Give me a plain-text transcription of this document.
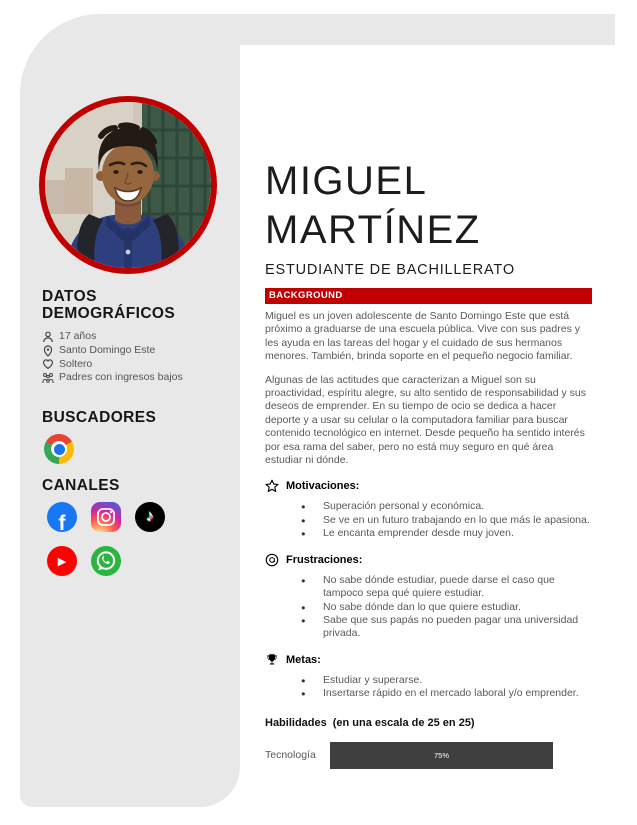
DATOS DEMOGRÁFICOS
17 años
Santo Domingo Este
Soltero
Padres con ingresos bajos
BUSCADORES
CANALES
f	♪
▶
MIGUEL
MARTÍNEZ
ESTUDIANTE DE BACHILLERATO
BACKGROUND

Miguel es un joven adolescente de Santo Domingo Este que está próximo a graduarse de una escuela pública. Vive con sus padres y les ayuda en las tareas del hogar y el cuidado de sus hermanos menores. También, brinda soporte en el pequeño negocio familiar.

Algunas de las actitudes que caracterizan a Miguel son su proactividad, espíritu alegre, su alto sentido de responsabilidad y sus deseos de emprender. En su tiempo de ocio se dedica a hacer deporte y a usar su celular o la computadora familiar para buscar contenido tecnológico en internet. Desde pequeño ha sentido interés por esa rama del saber, pero no está muy seguro en qué área estudiar ni dónde.

Motivaciones:
●	Superación personal y económica.
●	Se ve en un futuro trabajando en lo que más le apasiona.
●	Le encanta emprender desde muy joven.
Frustraciones:
●	No sabe dónde estudiar, puede darse el caso que tampoco sepa qué quiere estudiar.
●	No sabe dónde dan lo que quiere estudiar.
●	Sabe que sus papás no pueden pagar una universidad privada.
Metas:
●	Estudiar y superarse.
●	Insertarse rápido en el mercado laboral y/o emprender.
Habilidades (en una escala de 25 en 25)
Tecnología	75%
